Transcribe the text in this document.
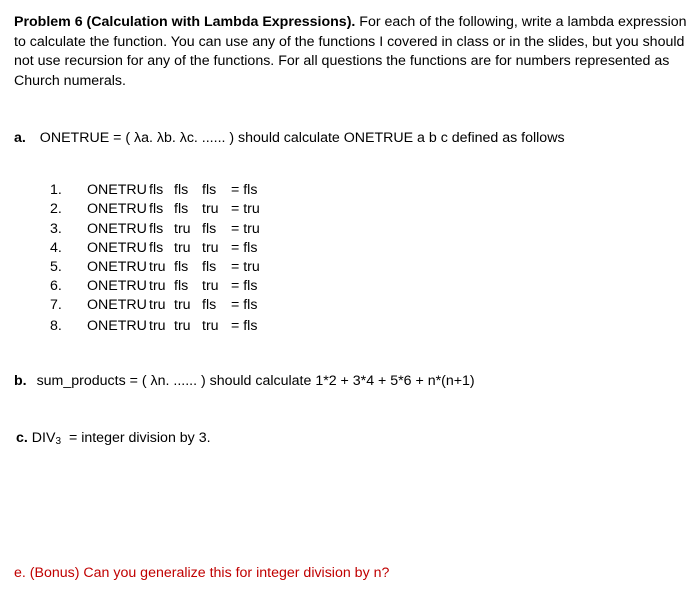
Problem 6 (Calculation with Lambda Expressions). For each of the following, write a lambda expression to calculate the function. You can use any of the functions I covered in class or in the slides, but you should not use recursion for any of the functions. For all questions the functions are for numbers represented as Church numerals.
a. ONETRUE = ( λa. λb. λc. ...... ) should calculate ONETRUE a b c defined as follows
1. ONETRU fls fls fls = fls
2. ONETRU fls fls tru = tru
3. ONETRU fls tru fls = tru
4. ONETRU fls tru tru = fls
5. ONETRU tru fls fls = tru
6. ONETRU tru fls tru = fls
7. ONETRU tru tru fls = fls
8. ONETRU tru tru tru = fls
b. sum_products = ( λn. ...... ) should calculate 1*2 + 3*4 + 5*6 + n*(n+1)
c. $DIV_3$ = integer division by 3.
e. (Bonus) Can you generalize this for integer division by n?
